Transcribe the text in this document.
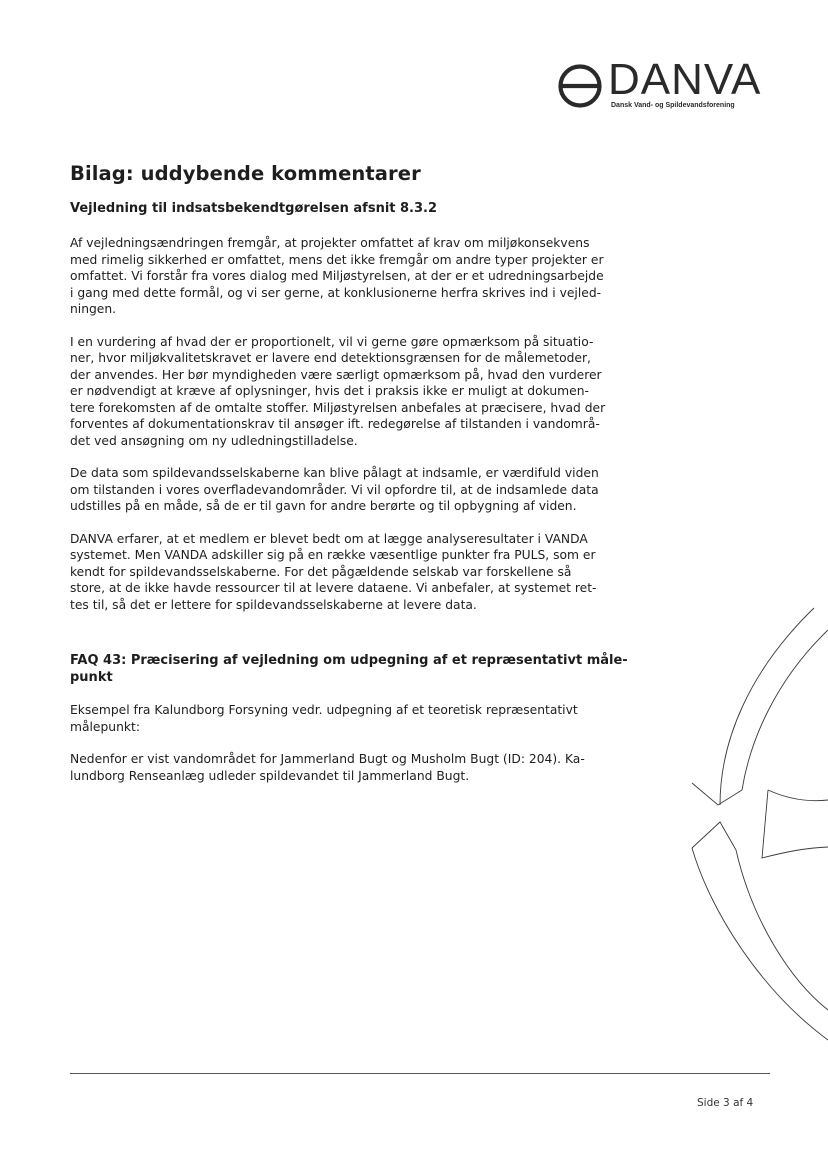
DANVA
Dansk Vand- og Spildevandsforening
Bilag: uddybende kommentarer
Vejledning til indsatsbekendtgørelsen afsnit 8.3.2

Af vejledningsændringen fremgår, at projekter omfattet af krav om miljøkonsekvens
med rimelig sikkerhed er omfattet, mens det ikke fremgår om andre typer projekter er
omfattet. Vi forstår fra vores dialog med Miljøstyrelsen, at der er et udredningsarbejde
i gang med dette formål, og vi ser gerne, at konklusionerne herfra skrives ind i vejled-
ningen.

I en vurdering af hvad der er proportionelt, vil vi gerne gøre opmærksom på situatio-
ner, hvor miljøkvalitetskravet er lavere end detektionsgrænsen for de målemetoder,
der anvendes. Her bør myndigheden være særligt opmærksom på, hvad den vurderer
er nødvendigt at kræve af oplysninger, hvis det i praksis ikke er muligt at dokumen-
tere forekomsten af de omtalte stoffer. Miljøstyrelsen anbefales at præcisere, hvad der
forventes af dokumentationskrav til ansøger ift. redegørelse af tilstanden i vandområ-
det ved ansøgning om ny udledningstilladelse.

De data som spildevandsselskaberne kan blive pålagt at indsamle, er værdifuld viden
om tilstanden i vores overfladevandområder. Vi vil opfordre til, at de indsamlede data
udstilles på en måde, så de er til gavn for andre berørte og til opbygning af viden.

DANVA erfarer, at et medlem er blevet bedt om at lægge analyseresultater i VANDA
systemet. Men VANDA adskiller sig på en række væsentlige punkter fra PULS, som er
kendt for spildevandsselskaberne. For det pågældende selskab var forskellene så
store, at de ikke havde ressourcer til at levere dataene. Vi anbefaler, at systemet ret-
tes til, så det er lettere for spildevandsselskaberne at levere data.

FAQ 43: Præcisering af vejledning om udpegning af et repræsentativt måle-
punkt

Eksempel fra Kalundborg Forsyning vedr. udpegning af et teoretisk repræsentativt
målepunkt:

Nedenfor er vist vandområdet for Jammerland Bugt og Musholm Bugt (ID: 204). Ka-
lundborg Renseanlæg udleder spildevandet til Jammerland Bugt.

Side 3 af 4
